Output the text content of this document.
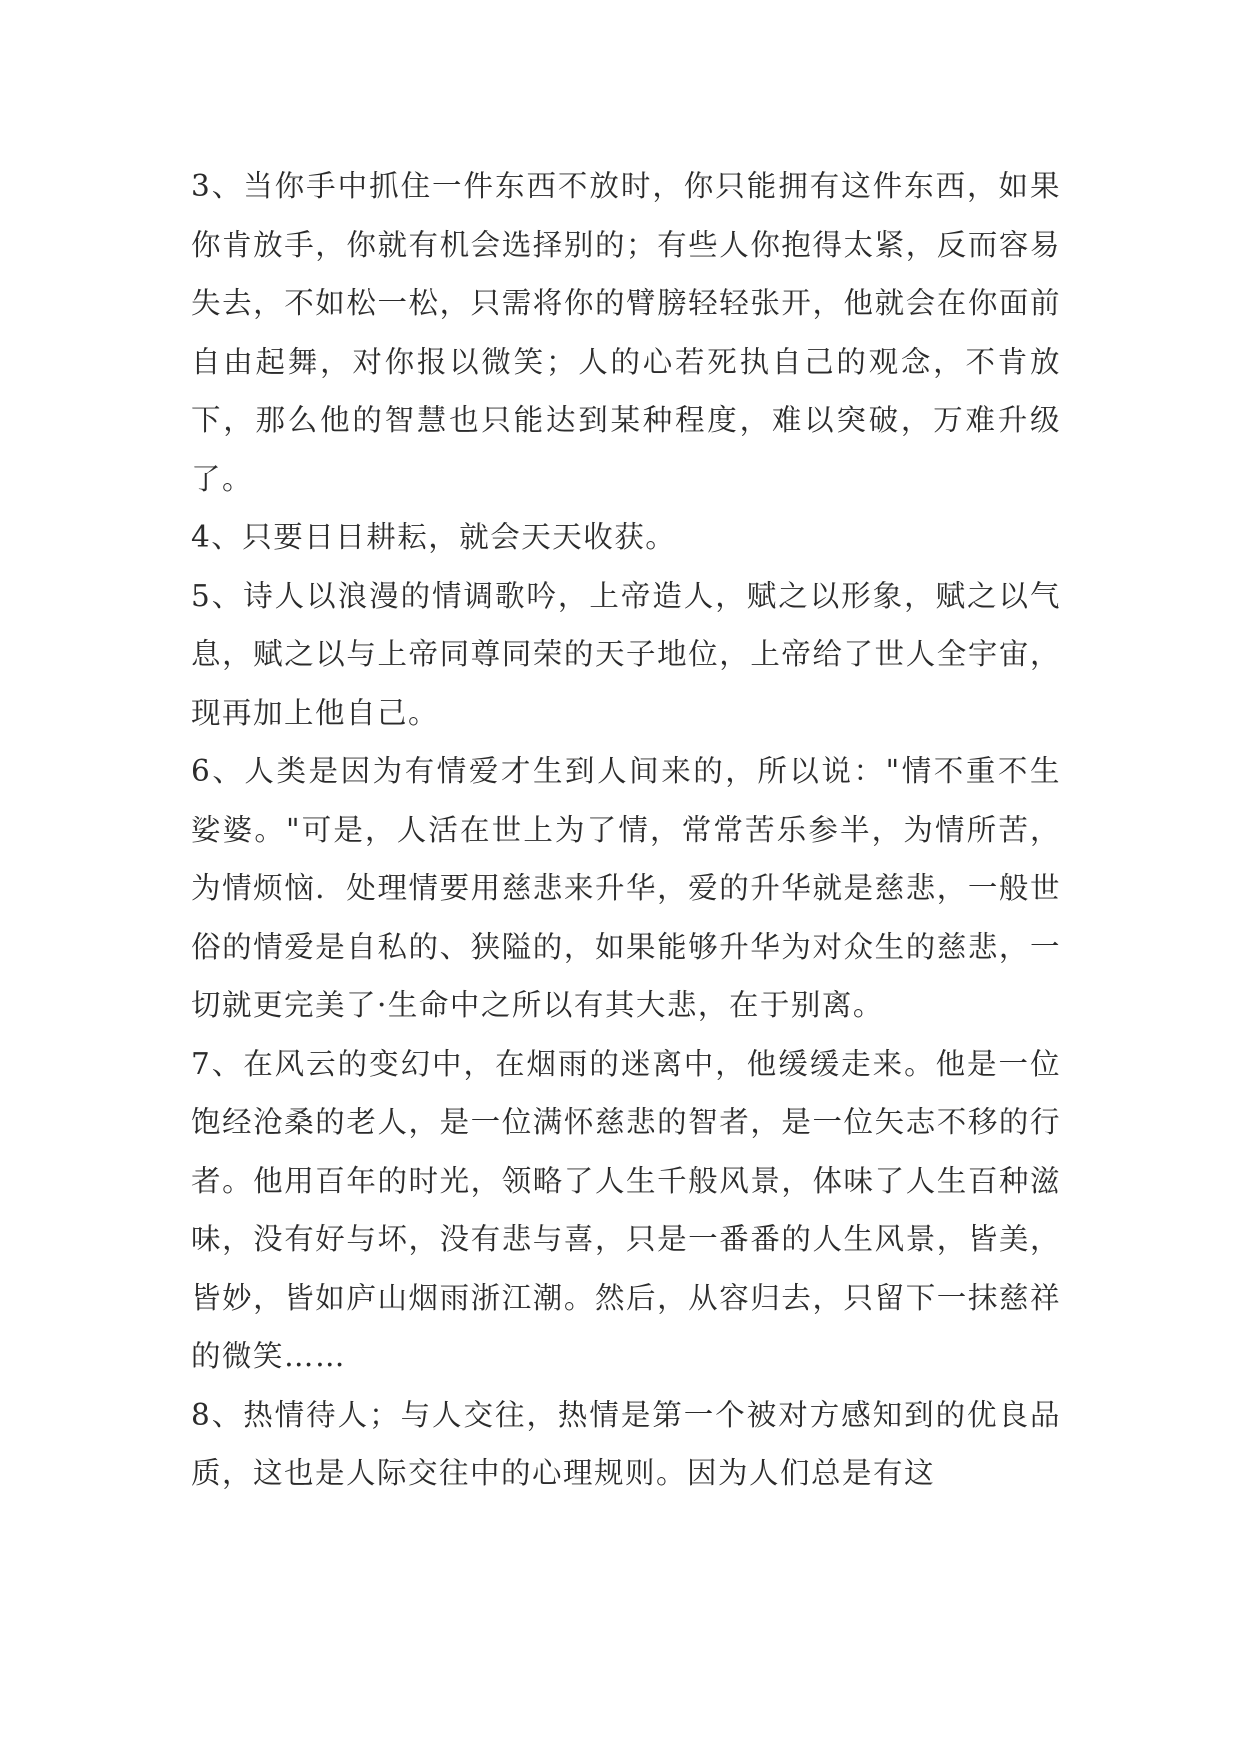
3、当你手中抓住一件东西不放时，你只能拥有这件东西，如果你肯放手，你就有机会选择别的；有些人你抱得太紧，反而容易失去，不如松一松，只需将你的臂膀轻轻张开，他就会在你面前自由起舞，对你报以微笑；人的心若死执自己的观念，不肯放下，那么他的智慧也只能达到某种程度，难以突破，万难升级了。

4、只要日日耕耘，就会天天收获。

5、诗人以浪漫的情调歌吟，上帝造人，赋之以形象，赋之以气息，赋之以与上帝同尊同荣的天子地位，上帝给了世人全宇宙，现再加上他自己。

6、人类是因为有情爱才生到人间来的，所以说："情不重不生娑婆。"可是，人活在世上为了情，常常苦乐参半，为情所苦，为情烦恼．处理情要用慈悲来升华，爱的升华就是慈悲，一般世俗的情爱是自私的、狭隘的，如果能够升华为对众生的慈悲，一切就更完美了·生命中之所以有其大悲，在于别离。

7、在风云的变幻中，在烟雨的迷离中，他缓缓走来。他是一位饱经沧桑的老人，是一位满怀慈悲的智者，是一位矢志不移的行者。他用百年的时光，领略了人生千般风景，体味了人生百种滋味，没有好与坏，没有悲与喜，只是一番番的人生风景，皆美，皆妙，皆如庐山烟雨浙江潮。然后，从容归去，只留下一抹慈祥的微笑……

8、热情待人；与人交往，热情是第一个被对方感知到的优良品质，这也是人际交往中的心理规则。因为人们总是有这
